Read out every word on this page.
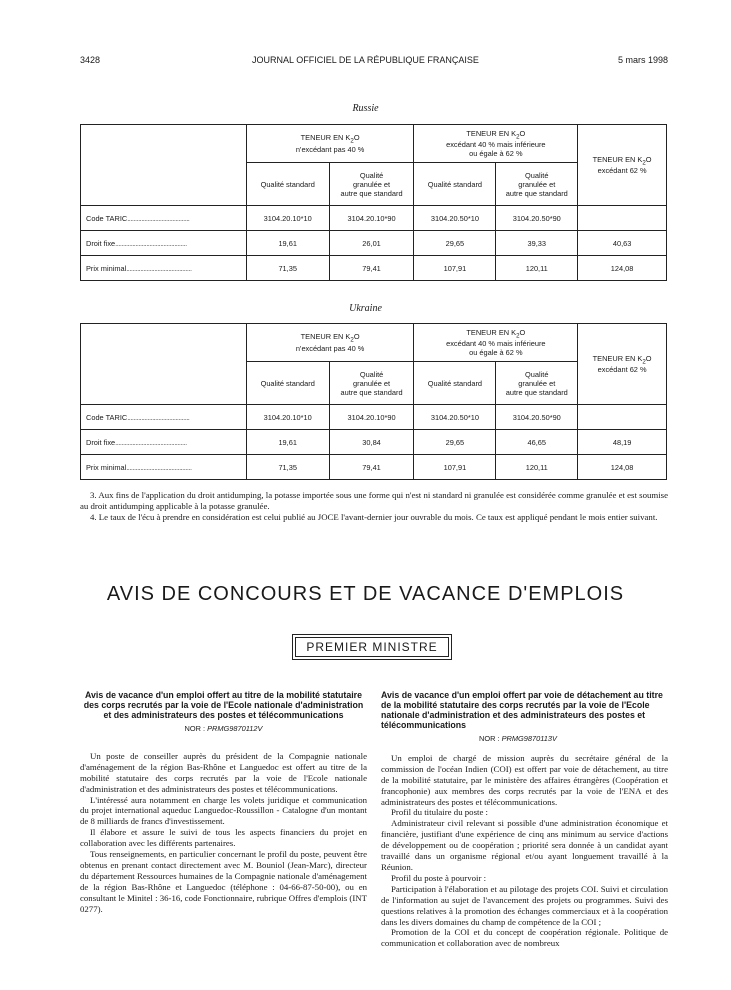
3428	JOURNAL OFFICIEL DE LA RÉPUBLIQUE FRANÇAISE	5 mars 1998
Russie
	TENEUR EN $K_2O$
n'excédant pas 40 %		TENEUR EN $K_2O$
excédant 40 % mais inférieure
ou égale à 62 %		TENEUR EN $K_2O$
excédant 62 %
	Qualité standard	Qualité
granulée et
autre que standard	Qualité standard	Qualité
granulée et
autre que standard	
Code TARIC........................................	3104.20.10*10	3104.20.10*90	3104.20.50*10	3104.20.50*90	
Droit fixe..............................................	19,61	26,01	29,65	39,33	40,63
Prix minimal..........................................	71,35	79,41	107,91	120,11	124,08
Ukraine
	TENEUR EN $K_2O$
n'excédant pas 40 %		TENEUR EN $K_2O$
excédant 40 % mais inférieure
ou égale à 62 %		TENEUR EN $K_2O$
excédant 62 %
	Qualité standard	Qualité
granulée et
autre que standard	Qualité standard	Qualité
granulée et
autre que standard	
Code TARIC........................................	3104.20.10*10	3104.20.10*90	3104.20.50*10	3104.20.50*90	
Droit fixe..............................................	19,61	30,84	29,65	46,65	48,19
Prix minimal..........................................	71,35	79,41	107,91	120,11	124,08

3. Aux fins de l'application du droit antidumping, la potasse importée sous une forme qui n'est ni standard ni granulée est considérée comme granulée et est soumise au droit antidumping applicable à la potasse granulée.

4. Le taux de l'écu à prendre en considération est celui publié au JOCE l'avant-dernier jour ouvrable du mois. Ce taux est appliqué pendant le mois entier suivant.

AVIS DE CONCOURS ET DE VACANCE D'EMPLOIS
PREMIER MINISTRE
Avis de vacance d'un emploi offert au titre de la mobilité statutaire des corps recrutés par la voie de l'Ecole nationale d'administration et des administrateurs des postes et télécommunications
NOR : PRMG9870112V

Un poste de conseiller auprès du président de la Compagnie nationale d'aménagement de la région Bas-Rhône et Languedoc est offert au titre de la mobilité statutaire des corps recrutés par la voie de l'Ecole nationale d'administration et des administrateurs des postes et télécommunications.

L'intéressé aura notamment en charge les volets juridique et communication du projet international aqueduc Languedoc-Roussillon - Catalogne d'un montant de 8 milliards de francs d'investissement.

Il élabore et assure le suivi de tous les aspects financiers du projet en collaboration avec les différents partenaires.

Tous renseignements, en particulier concernant le profil du poste, peuvent être obtenus en prenant contact directement avec M. Bouniol (Jean-Marc), directeur du département Ressources humaines de la Compagnie nationale d'aménagement de la région Bas-Rhône et Languedoc (téléphone : 04-66-87-50-00), ou en consultant le Minitel : 36-16, code Fonctionnaire, rubrique Offres d'emplois (INT 0277).

Avis de vacance d'un emploi offert par voie de détachement au titre de la mobilité statutaire des corps recrutés par la voie de l'Ecole nationale d'administration et des administrateurs des postes et télécommunications
NOR : PRMG9870113V

Un emploi de chargé de mission auprès du secrétaire général de la commission de l'océan Indien (COI) est offert par voie de détachement, au titre de la mobilité statutaire, par le ministère des affaires étrangères (Coopération et francophonie) aux membres des corps recrutés par la voie de l'ENA et des administrateurs des postes et télécommunications.

Profil du titulaire du poste :

Administrateur civil relevant si possible d'une administration économique et financière, justifiant d'une expérience de cinq ans minimum au service d'actions de développement ou de coopération ; priorité sera donnée à un candidat ayant travaillé dans un organisme régional et/ou ayant longuement travaillé à la Réunion.

Profil du poste à pourvoir :

Participation à l'élaboration et au pilotage des projets COI. Suivi et circulation de l'information au sujet de l'avancement des projets ou programmes. Suivi des questions relatives à la promotion des échanges commerciaux et à la coopération dans les divers domaines du champ de compétence de la COI ;

Promotion de la COI et du concept de coopération régionale. Politique de communication et collaboration avec de nombreux
